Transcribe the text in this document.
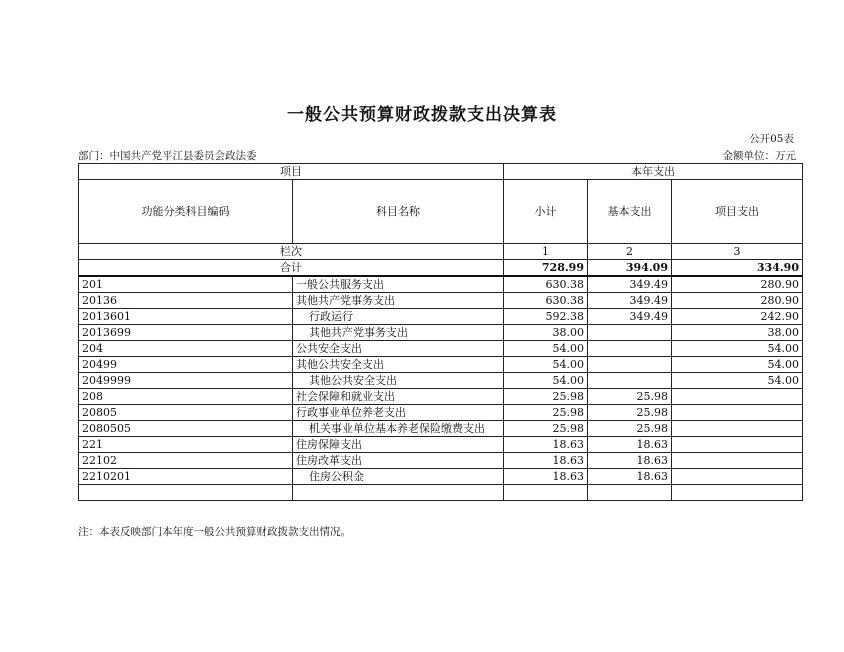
一般公共预算财政拨款支出决算表
公开05表
部门：中国共产党平江县委员会政法委	金额单位：万元
项目		本年支出		
功能分类科目编码	科目名称	小计	基本支出	项目支出
栏次		1	2	3
合计		728.99	394.09	334.90
201	一般公共服务支出	630.38	349.49	280.90
20136	其他共产党事务支出	630.38	349.49	280.90
2013601	行政运行	592.38	349.49	242.90
2013699	其他共产党事务支出	38.00		38.00
204	公共安全支出	54.00		54.00
20499	其他公共安全支出	54.00		54.00
2049999	其他公共安全支出	54.00		54.00
208	社会保障和就业支出	25.98	25.98	
20805	行政事业单位养老支出	25.98	25.98	
2080505	机关事业单位基本养老保险缴费支出	25.98	25.98	
221	住房保障支出	18.63	18.63	
22102	住房改革支出	18.63	18.63	
2210201	住房公积金	18.63	18.63	

注：本表反映部门本年度一般公共预算财政拨款支出情况。
